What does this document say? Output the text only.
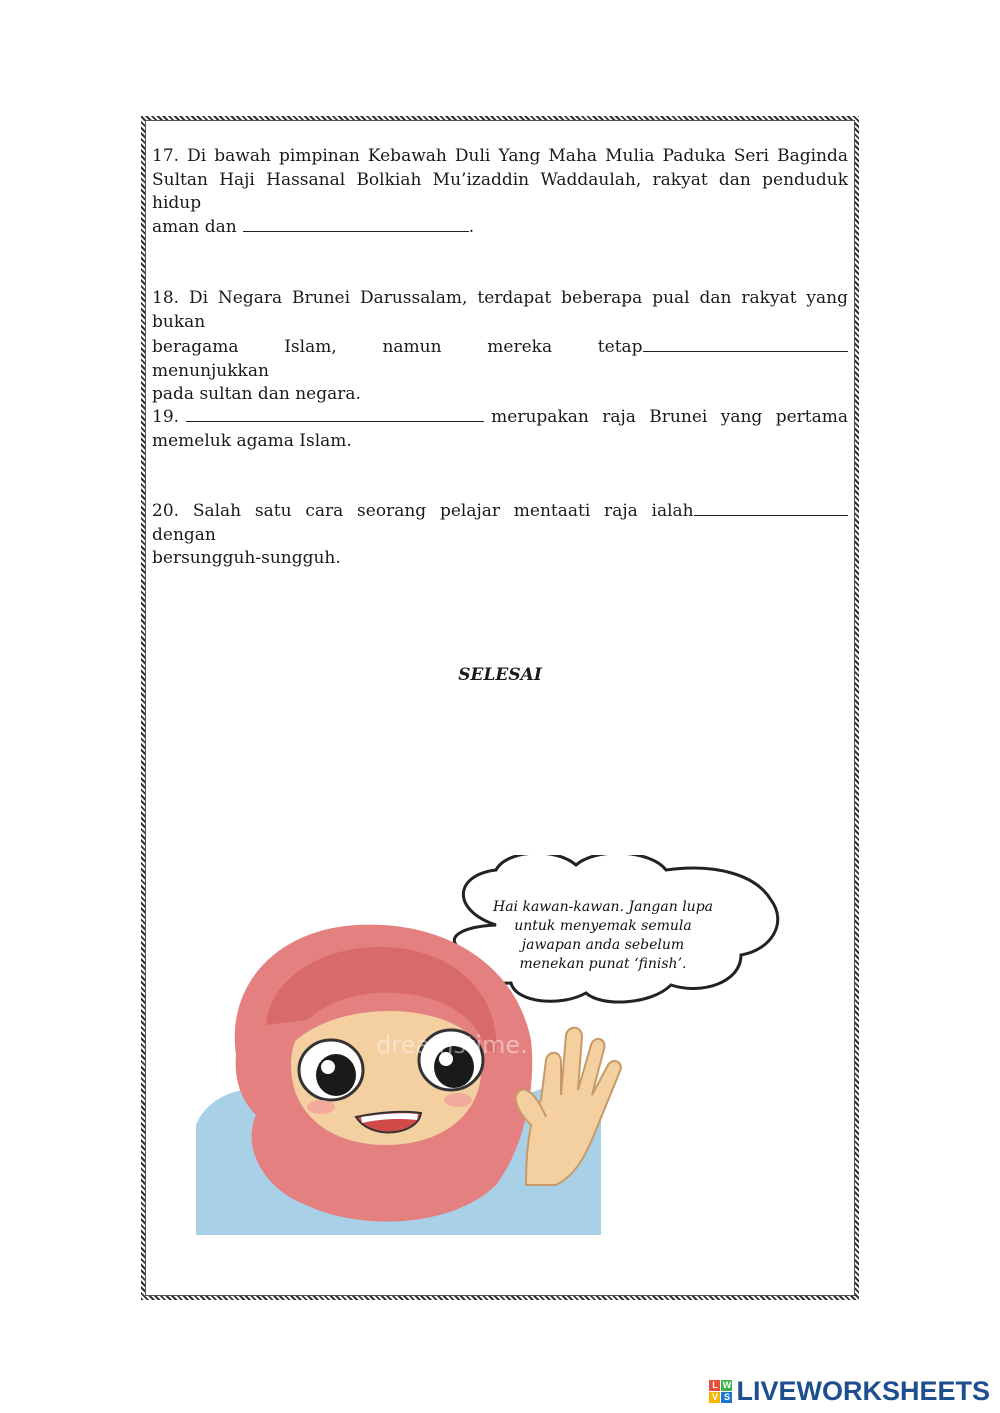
17. Di bawah pimpinan Kebawah Duli Yang Maha Mulia Paduka Seri Baginda
Sultan Haji Hassanal Bolkiah Mu’izaddin Waddaulah, rakyat dan penduduk hidup
aman dan	.
18. Di Negara Brunei Darussalam, terdapat beberapa pual dan rakyat yang bukan
beragama Islam, namun mereka tetap menunjukkan
pada sultan dan negara.
19.	merupakan raja Brunei yang pertama
memeluk agama Islam.
20. Salah satu cara seorang pelajar mentaati raja ialah dengan
bersungguh-sungguh.
SELESAI
dreamstime.
Hai kawan-kawan. Jangan lupa
untuk menyemak semula
jawapan anda sebelum
menekan punat ‘finish’.
L W
V S LIVEWORKSHEETS
